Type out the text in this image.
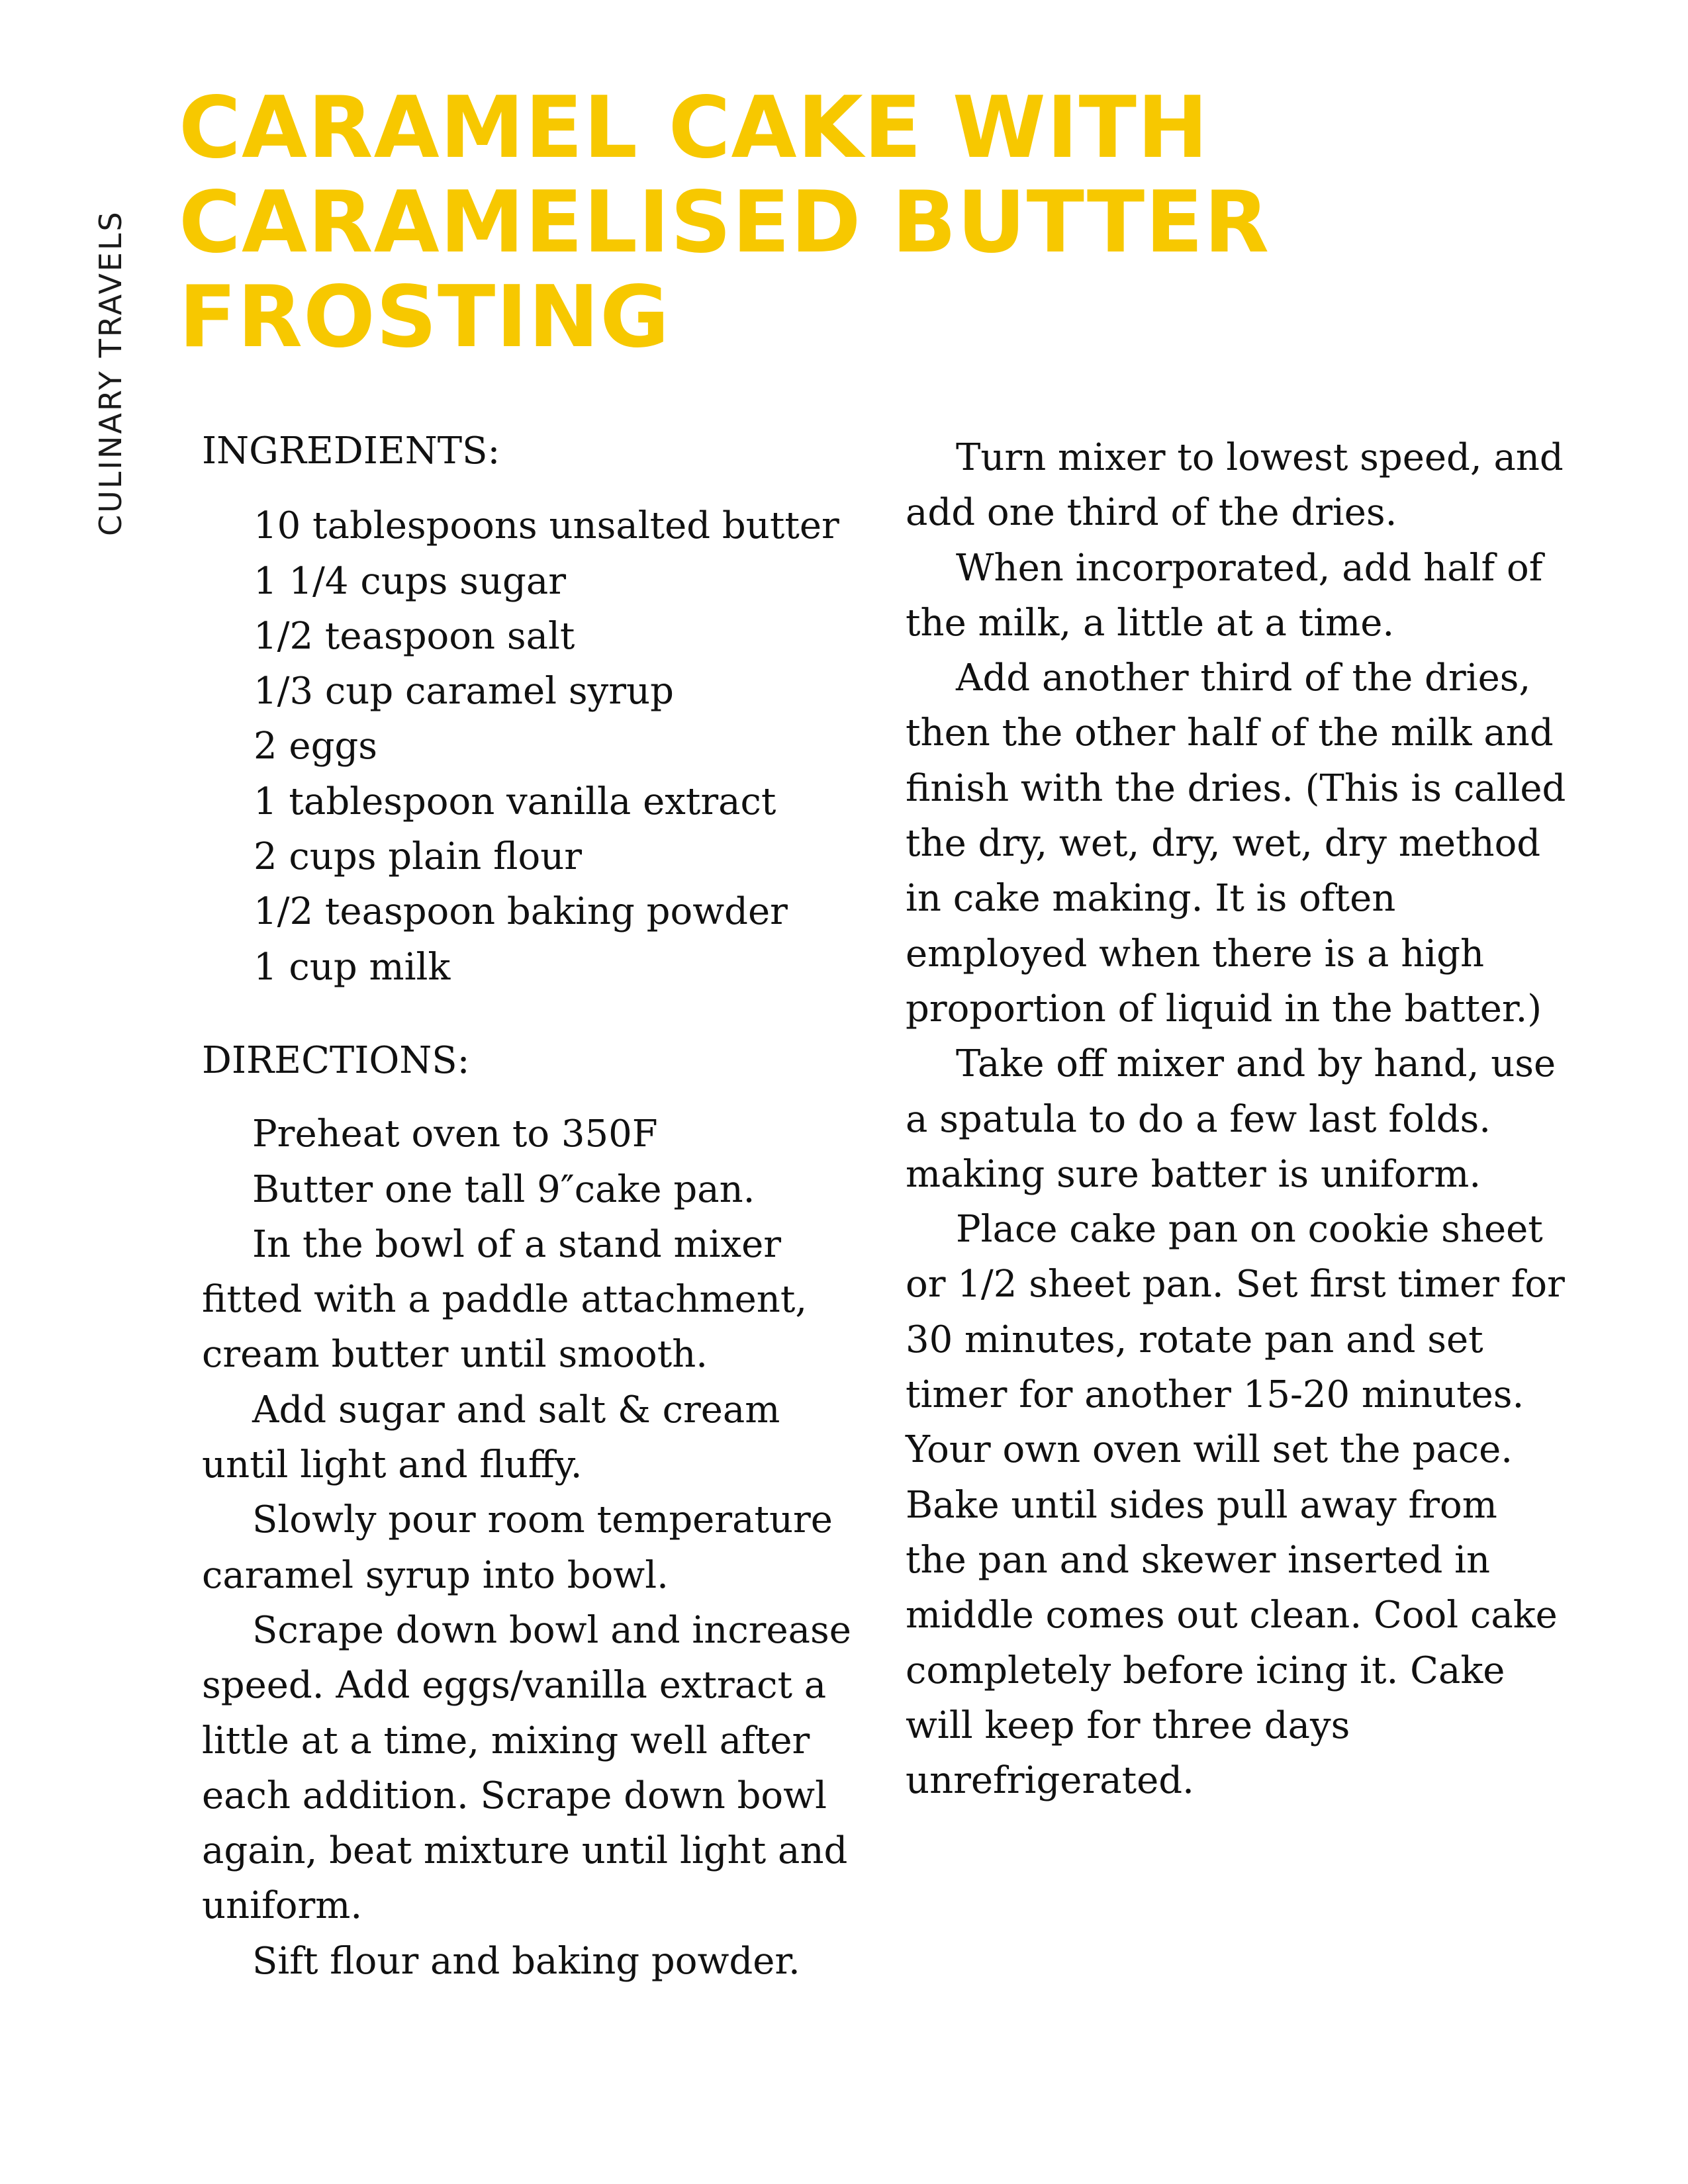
CULINARY TRAVELS
CARAMEL CAKE WITH
CARAMELISED BUTTER
FROSTING
INGREDIENTS:
10 tablespoons unsalted butter
1 1/4 cups sugar
1/2 teaspoon salt
1/3 cup caramel syrup
2 eggs
1 tablespoon vanilla extract
2 cups plain flour
1/2 teaspoon baking powder
1 cup milk
DIRECTIONS:

Preheat oven to 350F

Butter one tall 9″cake pan.

In the bowl of a stand mixer fitted with a paddle attachment, cream butter until smooth.

Add sugar and salt & cream until light and fluffy.

Slowly pour room temperature caramel syrup into bowl.

Scrape down bowl and increase speed. Add eggs/vanilla extract a little at a time, mixing well after each addition. Scrape down bowl again, beat mixture until light and uniform.

Sift flour and baking powder.

Turn mixer to lowest speed, and add one third of the dries.

When incorporated, add half of the milk, a little at a time.

Add another third of the dries, then the other half of the milk and finish with the dries. (This is called the dry, wet, dry, wet, dry method in cake making. It is often employed when there is a high proportion of liquid in the batter.)

Take off mixer and by hand, use a spatula to do a few last folds. making sure batter is uniform.

Place cake pan on cookie sheet or 1/2 sheet pan. Set first timer for 30 minutes, rotate pan and set timer for another 15-20 minutes. Your own oven will set the pace. Bake until sides pull away from the pan and skewer inserted in middle comes out clean. Cool cake completely before icing it. Cake will keep for three days unrefrigerated.
